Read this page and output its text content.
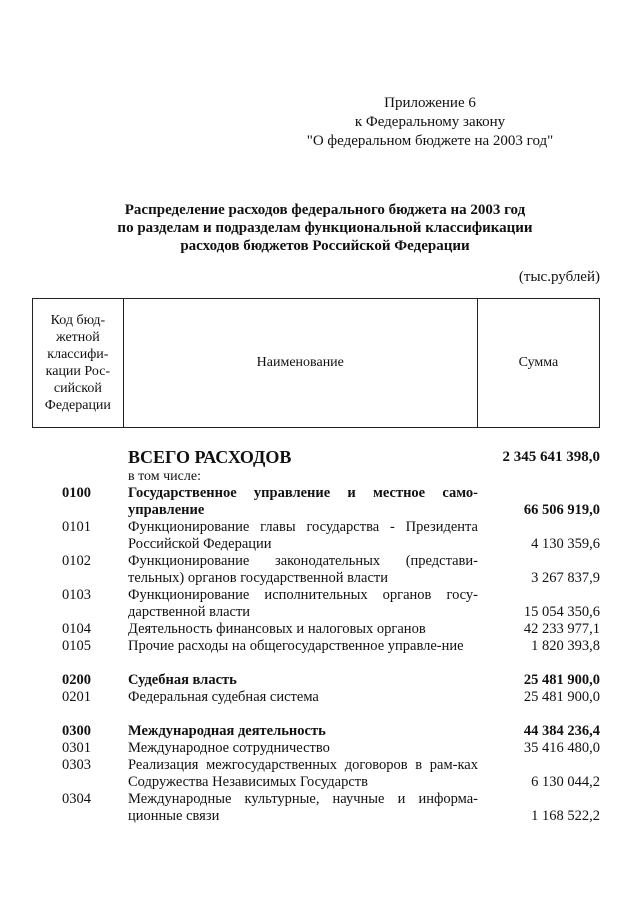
Приложение 6
к Федеральному закону
"О федеральном бюджете на 2003 год"
Распределение расходов федерального бюджета на 2003 год
по разделам и подразделам функциональной классификации
расходов бюджетов Российской Федерации
(тыс.рублей)
Код бюд-
жетной
классифи-
кации Рос-
сийской
Федерации
	Наименование	Сумма
ВСЕГО РАСХОДОВ	2 345 641 398,0
в том числе:
0100	Государственное управление и местное само-управление	66 506 919,0
0101	Функционирование главы государства - Президента Российской Федерации	4 130 359,6
0102	Функционирование законодательных (представи-тельных) органов государственной власти	3 267 837,9
0103	Функционирование исполнительных органов госу-дарственной власти	15 054 350,6
0104	Деятельность финансовых и налоговых органов	42 233 977,1
0105	Прочие расходы на общегосударственное управле-ние	1 820 393,8
0200	Судебная власть	25 481 900,0
0201	Федеральная судебная система	25 481 900,0
0300	Международная деятельность	44 384 236,4
0301	Международное сотрудничество	35 416 480,0
0303	Реализация межгосударственных договоров в рам-ках Содружества Независимых Государств	6 130 044,2
0304	Международные культурные, научные и информа-ционные связи	1 168 522,2
